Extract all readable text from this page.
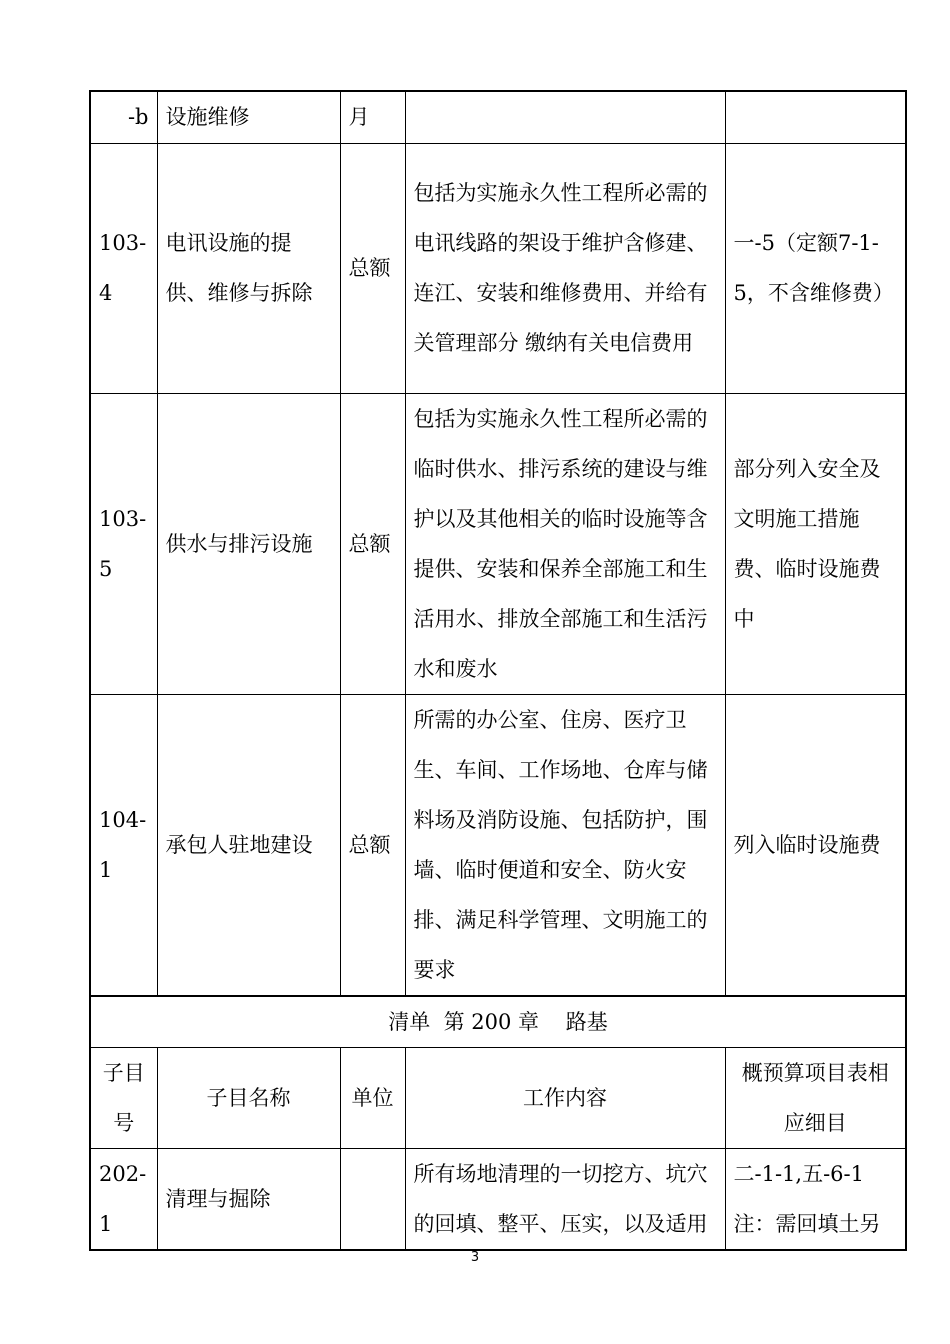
-b	设施维修	月		
103-4	电讯设施的提供、维修与拆除	总额	包括为实施永久性工程所必需的电讯线路的架设于维护含修建、连江、安装和维修费用、并给有关管理部分 缴纳有关电信费用	一-5（定额7-1-5，不含维修费）
103-5	供水与排污设施	总额	包括为实施永久性工程所必需的临时供水、排污系统的建设与维护以及其他相关的临时设施等含提供、安装和保养全部施工和生活用水、排放全部施工和生活污水和废水	部分列入安全及文明施工措施费、临时设施费中
104-1	承包人驻地建设	总额	所需的办公室、住房、医疗卫生、车间、工作场地、仓库与储料场及消防设施、包括防护，围墙、临时便道和安全、防火安排、满足科学管理、文明施工的要求	列入临时设施费
清单  第 200 章    路基				
子目号	子目名称	单位	工作内容	概预算项目表相应细目
202-1	清理与掘除		所有场地清理的一切挖方、坑穴的回填、整平、压实，以及适用	二-1-1,五-6-1注：需回填土另
3
